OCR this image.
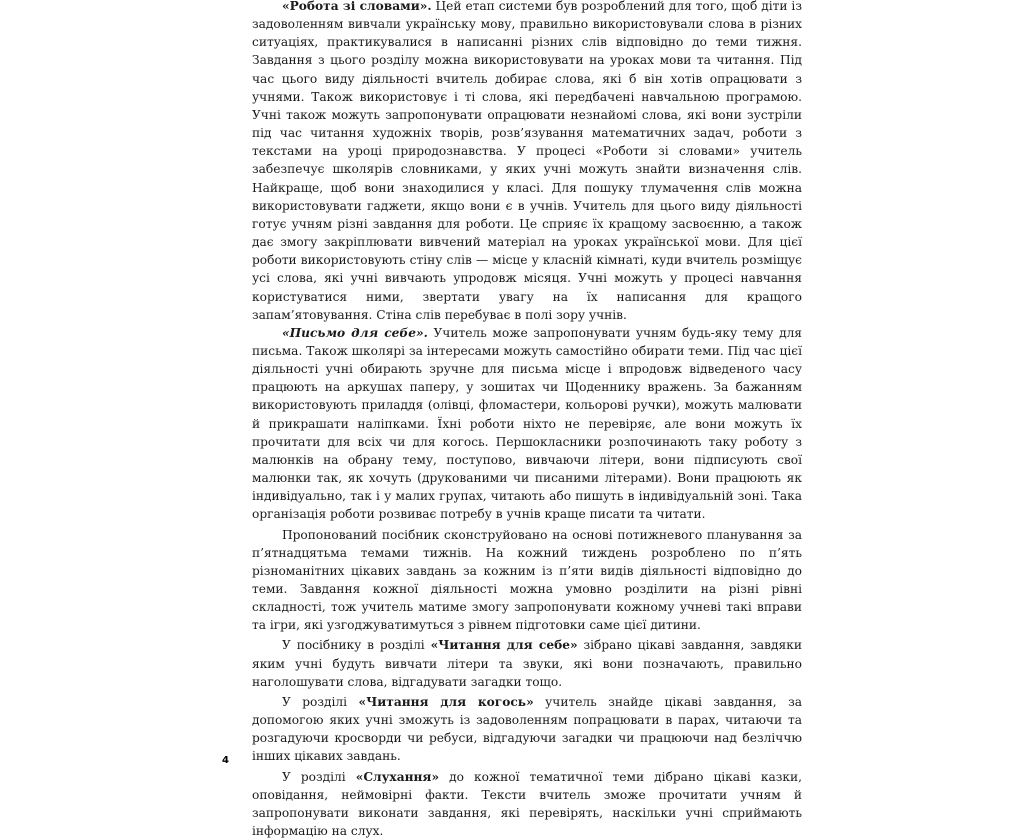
«Робота зі словами». Цей етап системи був розроблений для того, щоб діти із задоволенням вивчали українську мову, правильно використовували слова в різних ситуаціях, практикувалися в написанні різних слів відповідно до теми тижня. Завдання з цього розділу можна використовувати на уроках мови та читання. Під час цього виду діяльності вчитель добирає слова, які б він хотів опрацювати з учнями. Також використовує і ті слова, які передбачені навчальною програмою. Учні також можуть запропонувати опрацювати незнайомі слова, які вони зустріли під час читання художніх творів, розв’язування математичних задач, роботи з текстами на уроці природознавства. У процесі «Роботи зі словами» учитель забезпечує школярів словниками, у яких учні можуть знайти визначення слів. Найкраще, щоб вони знаходилися у класі. Для пошуку тлумачення слів можна використовувати гаджети, якщо вони є в учнів. Учитель для цього виду діяльності готує учням різні завдання для роботи. Це сприяє їх кращому засвоєнню, а також дає змогу закріплювати вивчений матеріал на уроках української мови. Для цієї роботи використовують стіну слів — місце у класній кімнаті, куди вчитель розміщує усі слова, які учні вивчають упродовж місяця. Учні можуть у процесі навчання користуватися ними, звертати увагу на їх написання для кращого запам’ятовування. Стіна слів перебуває в полі зору учнів.

«Письмо для себе». Учитель може запропонувати учням будь-яку тему для письма. Також школярі за інтересами можуть самостійно обирати теми. Під час цієї діяльності учні обирають зручне для письма місце і впродовж відведеного часу працюють на аркушах паперу, у зошитах чи Щоденнику вражень. За бажанням використовують приладдя (олівці, фломастери, кольорові ручки), можуть малювати й прикрашати наліпками. Їхні роботи ніхто не перевіряє, але вони можуть їх прочитати для всіх чи для когось. Першокласники розпочинають таку роботу з малюнків на обрану тему, поступово, вивчаючи літери, вони підписують свої малюнки так, як хочуть (друкованими чи писаними літерами). Вони працюють як індивідуально, так і у малих групах, читають або пишуть в індивідуальній зоні. Така організація роботи розвиває потребу в учнів краще писати та читати.

Пропонований посібник сконструйовано на основі потижневого планування за п’ятнадцятьма темами тижнів. На кожний тиждень розроблено по п’ять різноманітних цікавих завдань за кожним із п’яти видів діяльності відповідно до теми. Завдання кожної діяльності можна умовно розділити на різні рівні складності, тож учитель матиме змогу запропонувати кожному учневі такі вправи та ігри, які узгоджуватимуться з рівнем підготовки саме цієї дитини.

У посібнику в розділі «Читання для себе» зібрано цікаві завдання, завдяки яким учні будуть вивчати літери та звуки, які вони позначають, правильно наголошувати слова, відгадувати загадки тощо.

У розділі «Читання для когось» учитель знайде цікаві завдання, за допомогою яких учні зможуть із задоволенням попрацювати в парах, читаючи та розгадуючи кросворди чи ребуси, відгадуючи загадки чи працюючи над безліччю інших цікавих завдань.

У розділі «Слухання» до кожної тематичної теми дібрано цікаві казки, оповідання, неймовірні факти. Тексти вчитель зможе прочитати учням й запропонувати виконати завдання, які перевірять, наскільки учні сприймають інформацію на слух.

4
